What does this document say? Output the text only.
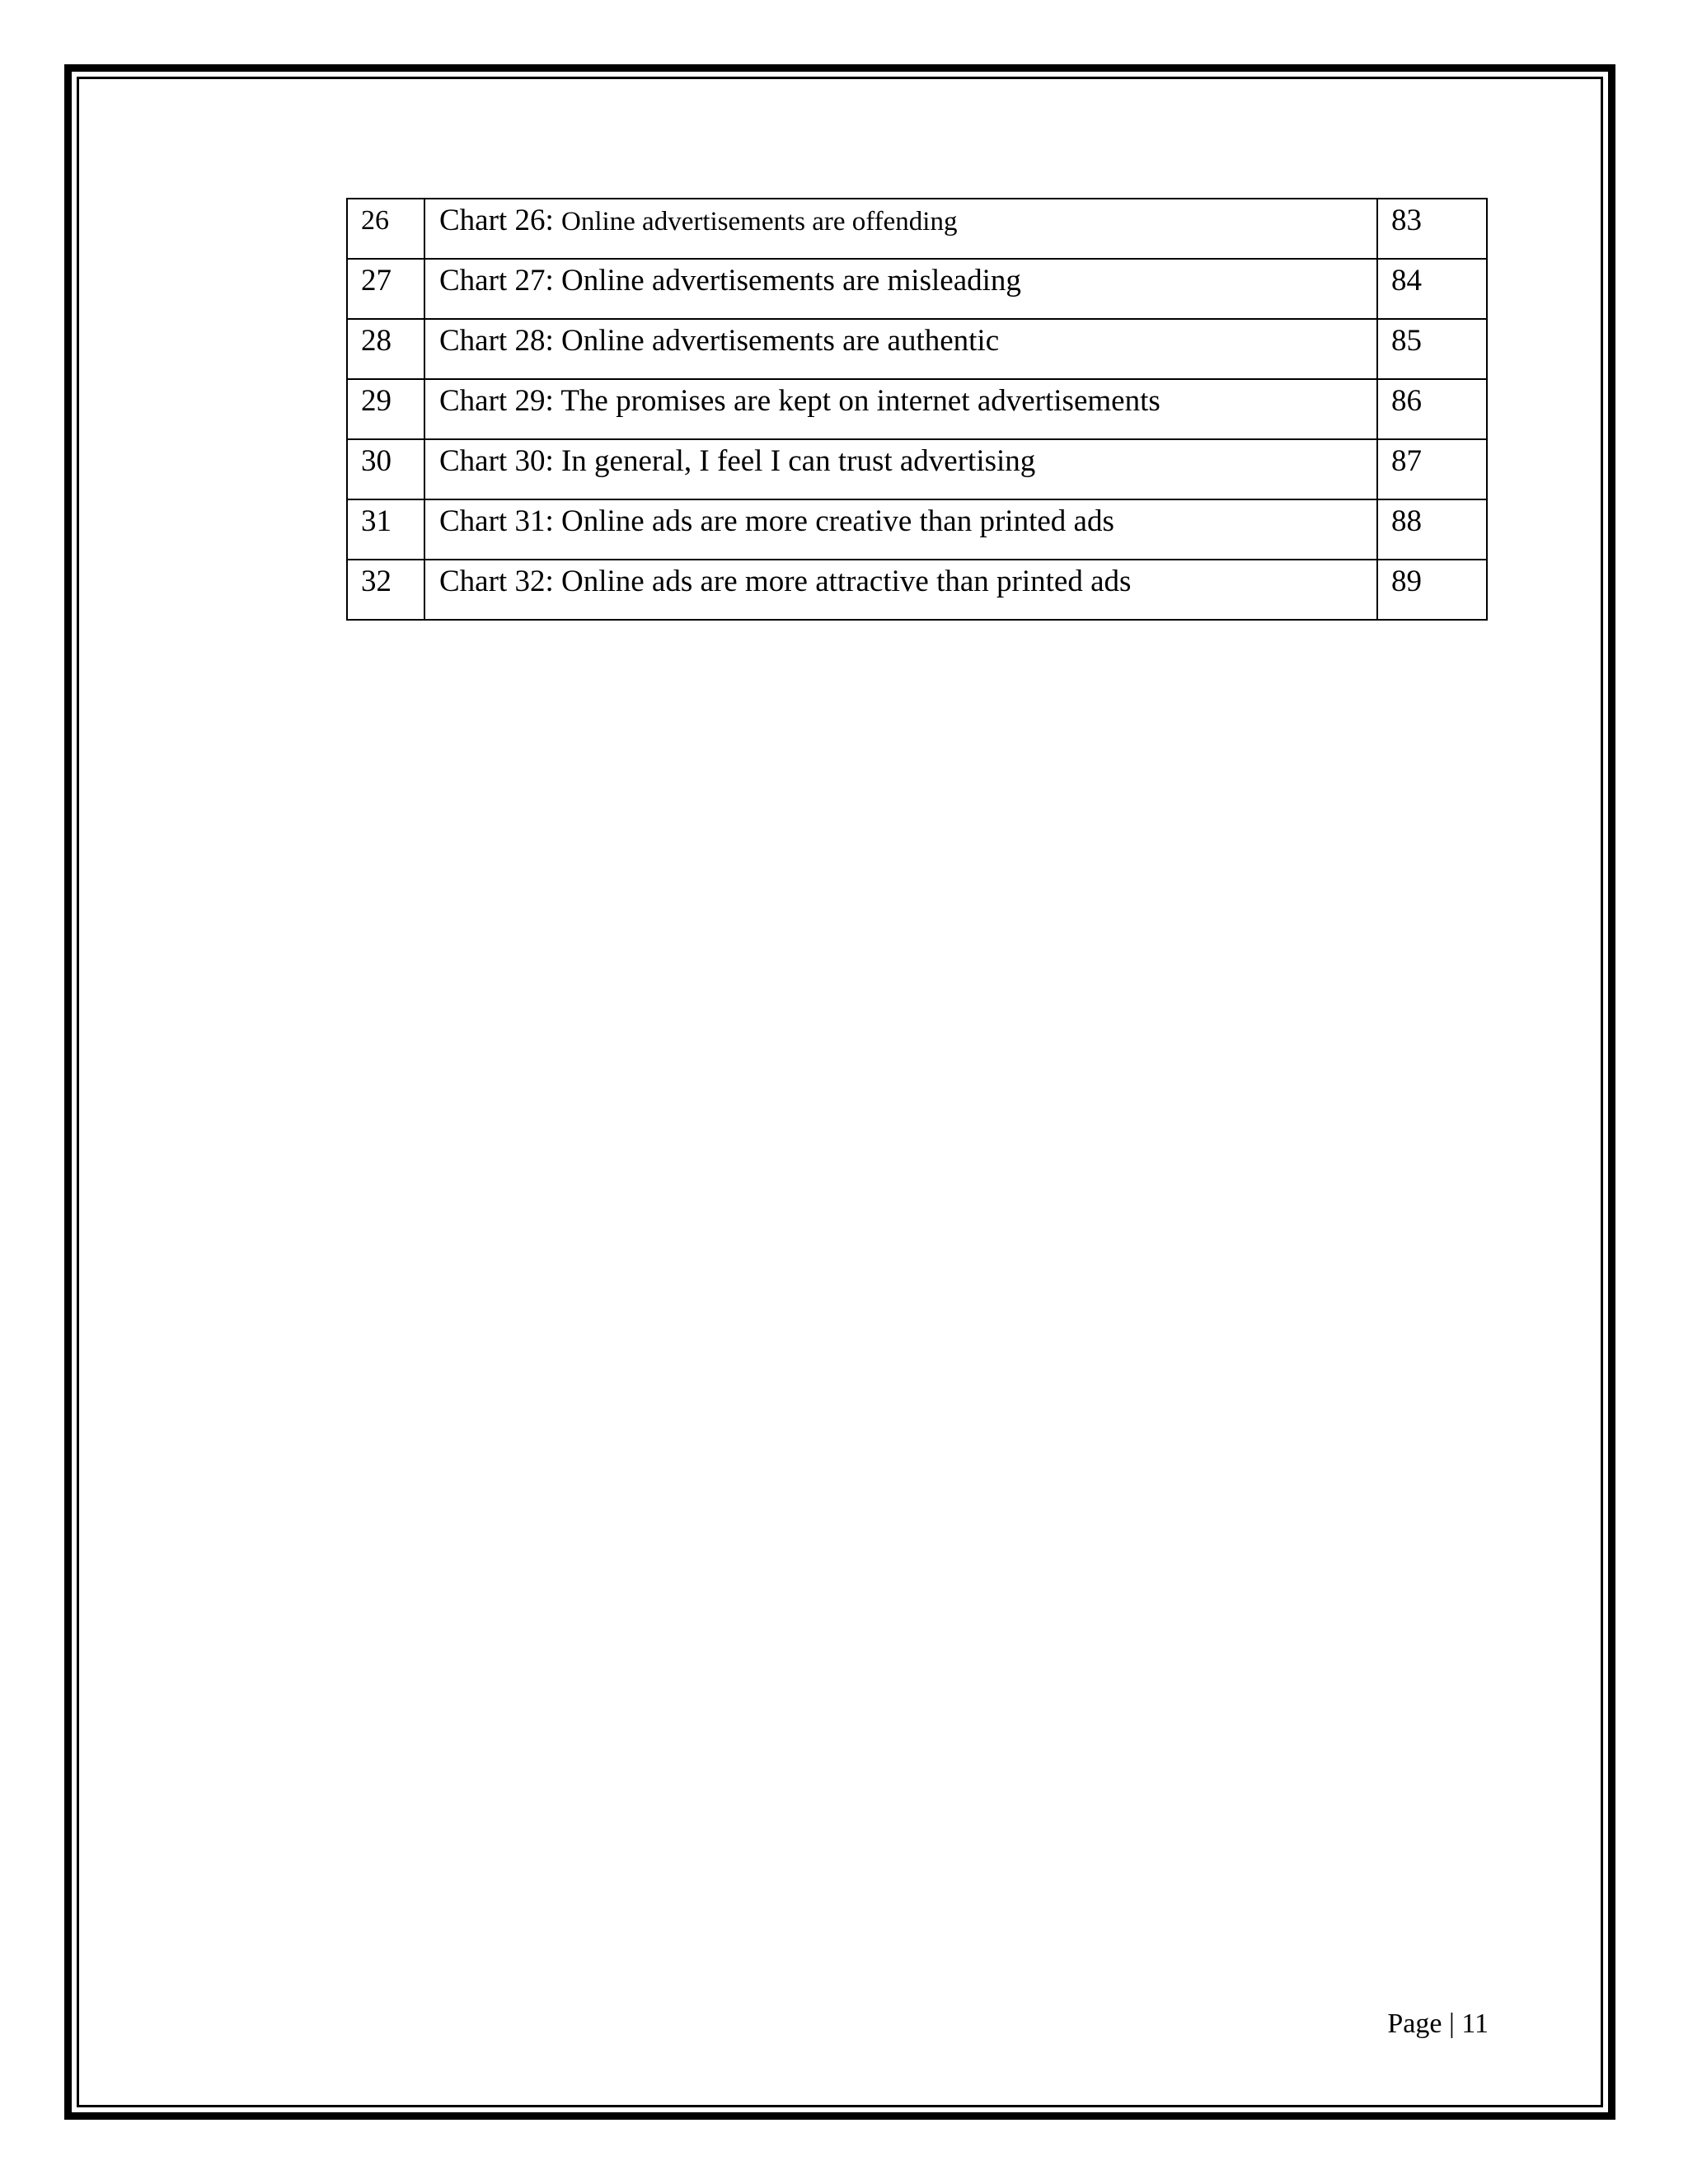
26	Chart 26: Online advertisements are offending	83
27	Chart 27: Online advertisements are misleading	84
28	Chart 28: Online advertisements are authentic	85
29	Chart 29: The promises are kept on internet advertisements	86
30	Chart 30: In general, I feel I can trust advertising	87
31	Chart 31: Online ads are more creative than printed ads	88
32	Chart 32: Online ads are more attractive than printed ads	89
Page | 11
